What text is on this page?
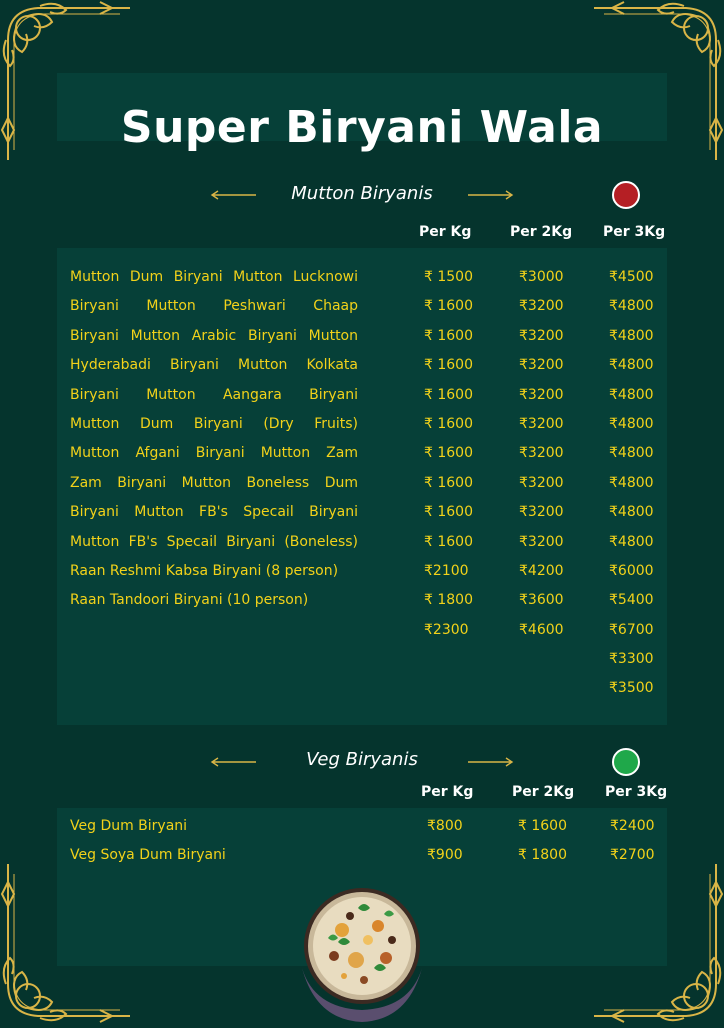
Super Biryani Wala
Mutton Biryanis
Per Kg	Per 2Kg Per 3Kg
Mutton Dum Biryani Mutton Lucknowi
Biryani Mutton Peshwari Chaap
Biryani Mutton Arabic Biryani Mutton
Hyderabadi Biryani Mutton Kolkata
Biryani Mutton Aangara Biryani
Mutton Dum Biryani (Dry Fruits)
Mutton Afgani Biryani Mutton Zam
Zam Biryani Mutton Boneless Dum
Biryani Mutton FB's Specail Biryani
Mutton FB's Specail Biryani (Boneless)
Raan Reshmi Kabsa Biryani (8 person)
Raan Tandoori Biryani (10 person)
₹ 1500
₹ 1600
₹ 1600
₹ 1600
₹ 1600
₹ 1600
₹ 1600
₹ 1600
₹ 1600
₹ 1600
₹2100
₹ 1800
₹2300
₹3000
₹3200
₹3200
₹3200
₹3200
₹3200
₹3200
₹3200
₹3200
₹3200
₹4200
₹3600
₹4600
₹4500
₹4800
₹4800
₹4800
₹4800
₹4800
₹4800
₹4800
₹4800
₹4800
₹6000
₹5400
₹6700
₹3300
₹3500
Veg Biryanis
Per Kg	Per 2Kg Per 3Kg
Veg Dum Biryani
Veg Soya Dum Biryani
₹800
₹900
₹ 1600
₹ 1800
₹2400
₹2700
